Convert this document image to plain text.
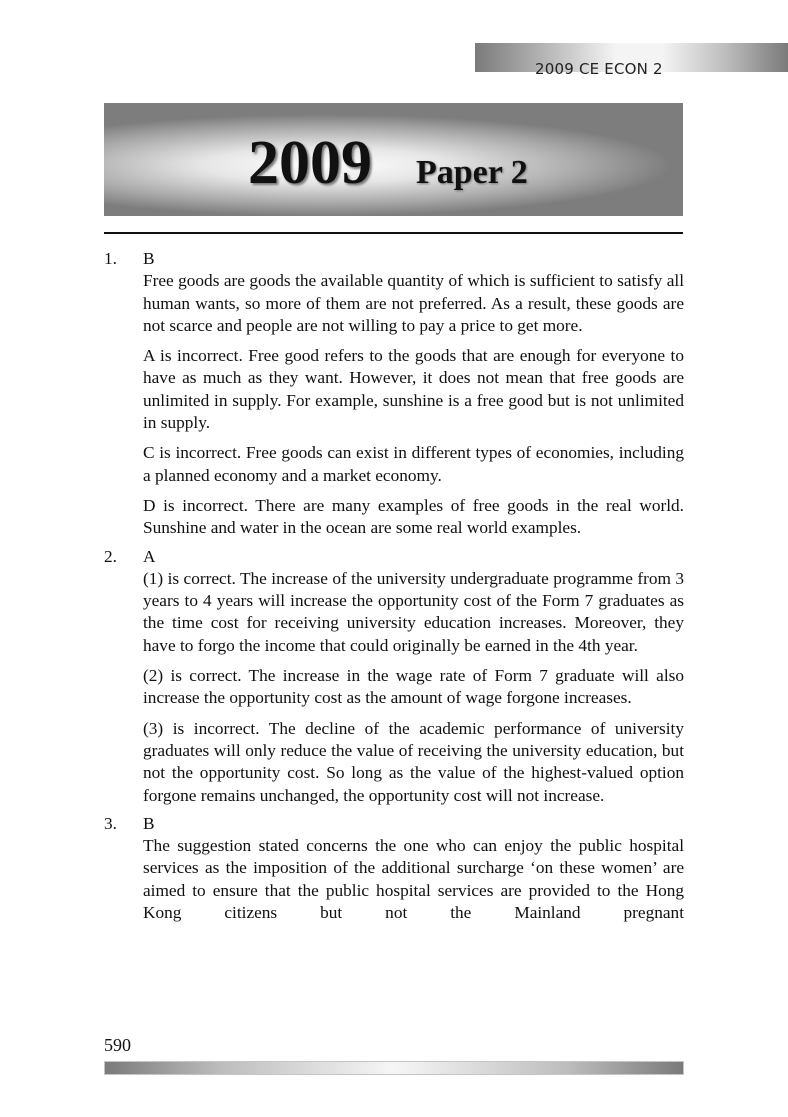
2009 CE ECON 2
2009 Paper 2
1. B

Free goods are goods the available quantity of which is sufficient to satisfy all human wants, so more of them are not preferred. As a result, these goods are not scarce and people are not willing to pay a price to get more.

A is incorrect. Free good refers to the goods that are enough for everyone to have as much as they want. However, it does not mean that free goods are unlimited in supply. For example, sunshine is a free good but is not unlimited in supply.

C is incorrect. Free goods can exist in different types of economies, including a planned economy and a market economy.

D is incorrect. There are many examples of free goods in the real world. Sunshine and water in the ocean are some real world examples.

2. A

(1) is correct. The increase of the university undergraduate programme from 3 years to 4 years will increase the opportunity cost of the Form 7 graduates as the time cost for receiving university education increases. Moreover, they have to forgo the income that could originally be earned in the 4th year.

(2) is correct. The increase in the wage rate of Form 7 graduate will also increase the opportunity cost as the amount of wage forgone increases.

(3) is incorrect. The decline of the academic performance of university graduates will only reduce the value of receiving the university education, but not the opportunity cost. So long as the value of the highest-valued option forgone remains unchanged, the opportunity cost will not increase.

3. B

The suggestion stated concerns the one who can enjoy the public hospital services as the imposition of the additional surcharge ‘on these women’ are aimed to ensure that the public hospital services are provided to the Hong Kong citizens but not the Mainland pregnant

590
